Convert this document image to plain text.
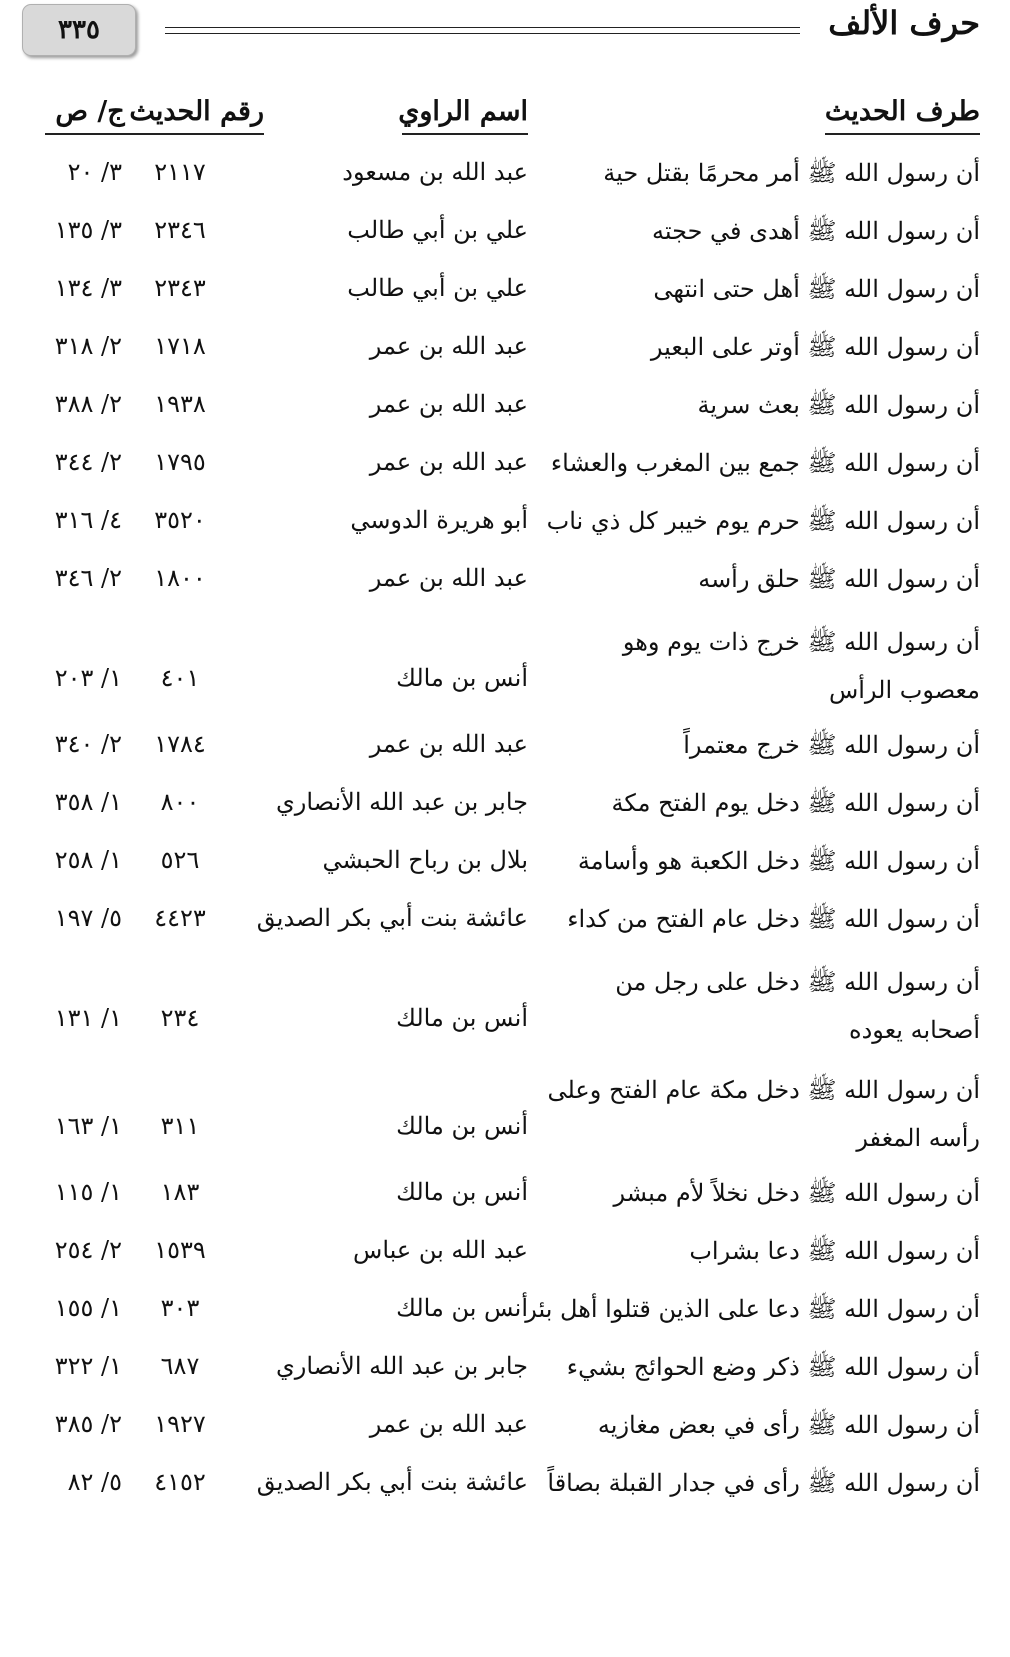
٣٣٥	حرف الألف
طرف الحديث
اسم الراوي
رقم الحديث
ج/ ص
أن رسول الله ﷺ أمر محرمًا بقتل حية
عبد الله بن مسعود
٢١١٧
٣/ ٢٠
أن رسول الله ﷺ أهدى في حجته
علي بن أبي طالب
٢٣٤٦
٣/ ١٣٥
أن رسول الله ﷺ أهل حتى انتهى
علي بن أبي طالب
٢٣٤٣
٣/ ١٣٤
أن رسول الله ﷺ أوتر على البعير
عبد الله بن عمر
١٧١٨
٢/ ٣١٨
أن رسول الله ﷺ بعث سرية
عبد الله بن عمر
١٩٣٨
٢/ ٣٨٨
أن رسول الله ﷺ جمع بين المغرب والعشاء
عبد الله بن عمر
١٧٩٥
٢/ ٣٤٤
أن رسول الله ﷺ حرم يوم خيبر كل ذي ناب
أبو هريرة الدوسي
٣٥٢٠
٤/ ٣١٦
أن رسول الله ﷺ حلق رأسه
عبد الله بن عمر
١٨٠٠
٢/ ٣٤٦
أن رسول الله ﷺ خرج ذات يوم وهو معصوب الرأس
أنس بن مالك
٤٠١
١/ ٢٠٣
أن رسول الله ﷺ خرج معتمراً
عبد الله بن عمر
١٧٨٤
٢/ ٣٤٠
أن رسول الله ﷺ دخل يوم الفتح مكة
جابر بن عبد الله الأنصاري
٨٠٠
١/ ٣٥٨
أن رسول الله ﷺ دخل الكعبة هو وأسامة
بلال بن رباح الحبشي
٥٢٦
١/ ٢٥٨
أن رسول الله ﷺ دخل عام الفتح من كداء
عائشة بنت أبي بكر الصديق
٤٤٢٣
٥/ ١٩٧
أن رسول الله ﷺ دخل على رجل من أصحابه يعوده
أنس بن مالك
٢٣٤
١/ ١٣١
أن رسول الله ﷺ دخل مكة عام الفتح وعلى رأسه المغفر
أنس بن مالك
٣١١
١/ ١٦٣
أن رسول الله ﷺ دخل نخلاً لأم مبشر
أنس بن مالك
١٨٣
١/ ١١٥
أن رسول الله ﷺ دعا بشراب
عبد الله بن عباس
١٥٣٩
٢/ ٢٥٤
أن رسول الله ﷺ دعا على الذين قتلوا أهل بئر
أنس بن مالك
٣٠٣
١/ ١٥٥
أن رسول الله ﷺ ذكر وضع الحوائج بشيء
جابر بن عبد الله الأنصاري
٦٨٧
١/ ٣٢٢
أن رسول الله ﷺ رأى في بعض مغازيه
عبد الله بن عمر
١٩٢٧
٢/ ٣٨٥
أن رسول الله ﷺ رأى في جدار القبلة بصاقاً
عائشة بنت أبي بكر الصديق
٤١٥٢
٥/ ٨٢
